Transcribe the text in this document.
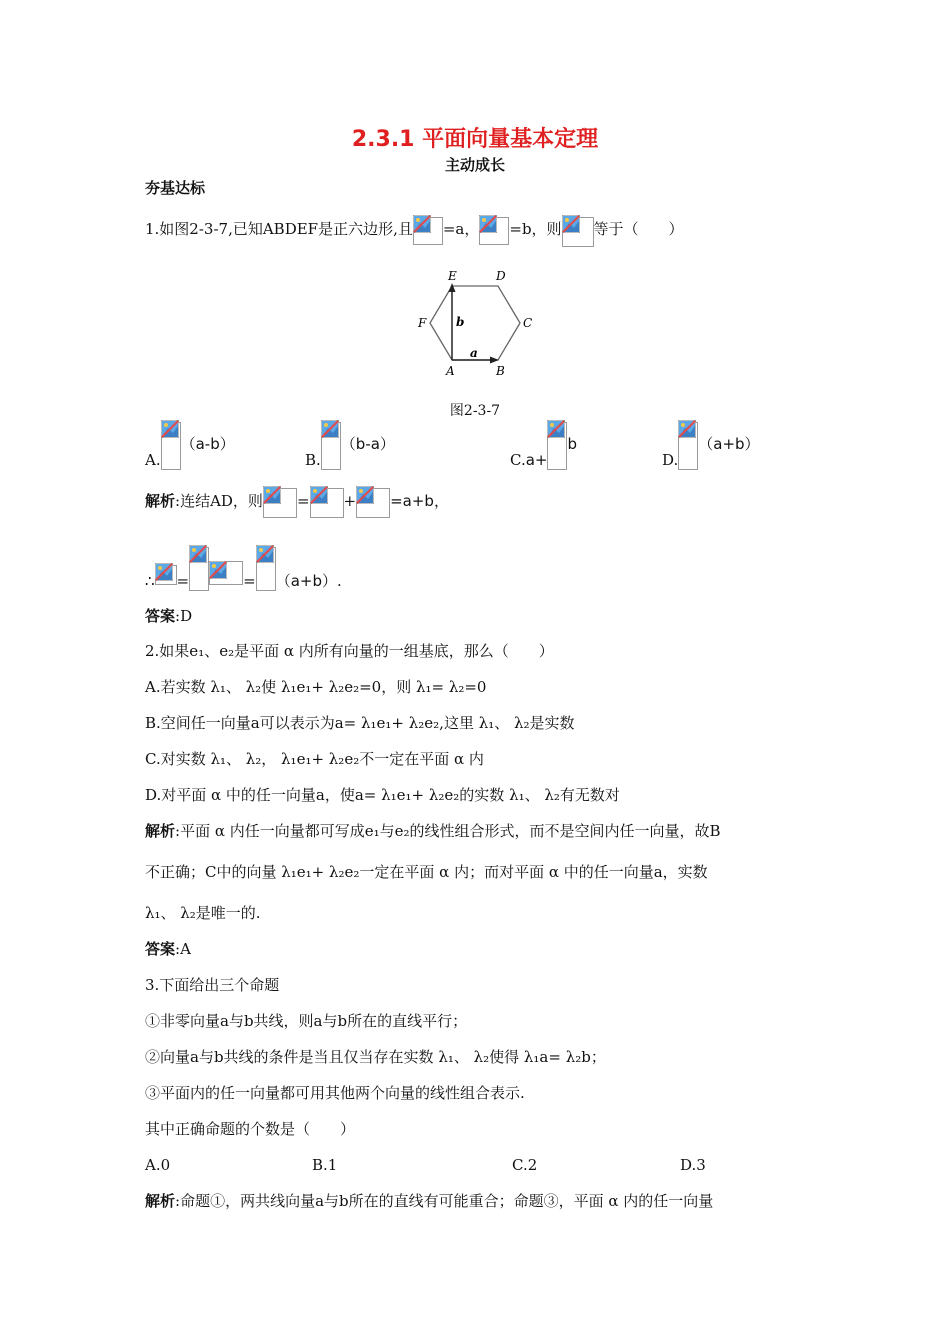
2.3.1 平面向量基本定理
主动成长
夯基达标
1.如图2-3-7,已知ABDEF是正六边形,且 =a， =b，则 等于（　　）
E	D
F	C
A	B
a
b
图2-3-7
A.
（a-b）
B.
（b-a）
C.a+
b
D.
（a+b）
解析:连结AD，则 = + =a+b，
∴ =	= （a+b）.
答案:D
2.如果e₁、e₂是平面 α 内所有向量的一组基底，那么（　　）
A.若实数 λ₁、 λ₂使 λ₁e₁+ λ₂e₂=0，则 λ₁= λ₂=0
B.空间任一向量a可以表示为a= λ₁e₁+ λ₂e₂,这里 λ₁、 λ₂是实数
C.对实数 λ₁、 λ₂， λ₁e₁+ λ₂e₂不一定在平面 α 内
D.对平面 α 中的任一向量a，使a= λ₁e₁+ λ₂e₂的实数 λ₁、 λ₂有无数对
解析:平面 α 内任一向量都可写成e₁与e₂的线性组合形式，而不是空间内任一向量，故B
不正确；C中的向量 λ₁e₁+ λ₂e₂一定在平面 α 内；而对平面 α 中的任一向量a，实数
λ₁、 λ₂是唯一的.
答案:A
3.下面给出三个命题
①非零向量a与b共线，则a与b所在的直线平行；
②向量a与b共线的条件是当且仅当存在实数 λ₁、 λ₂使得 λ₁a= λ₂b；
③平面内的任一向量都可用其他两个向量的线性组合表示.
其中正确命题的个数是（　　）
A.0	B.1	C.2	D.3
解析:命题①，两共线向量a与b所在的直线有可能重合；命题③，平面 α 内的任一向量
